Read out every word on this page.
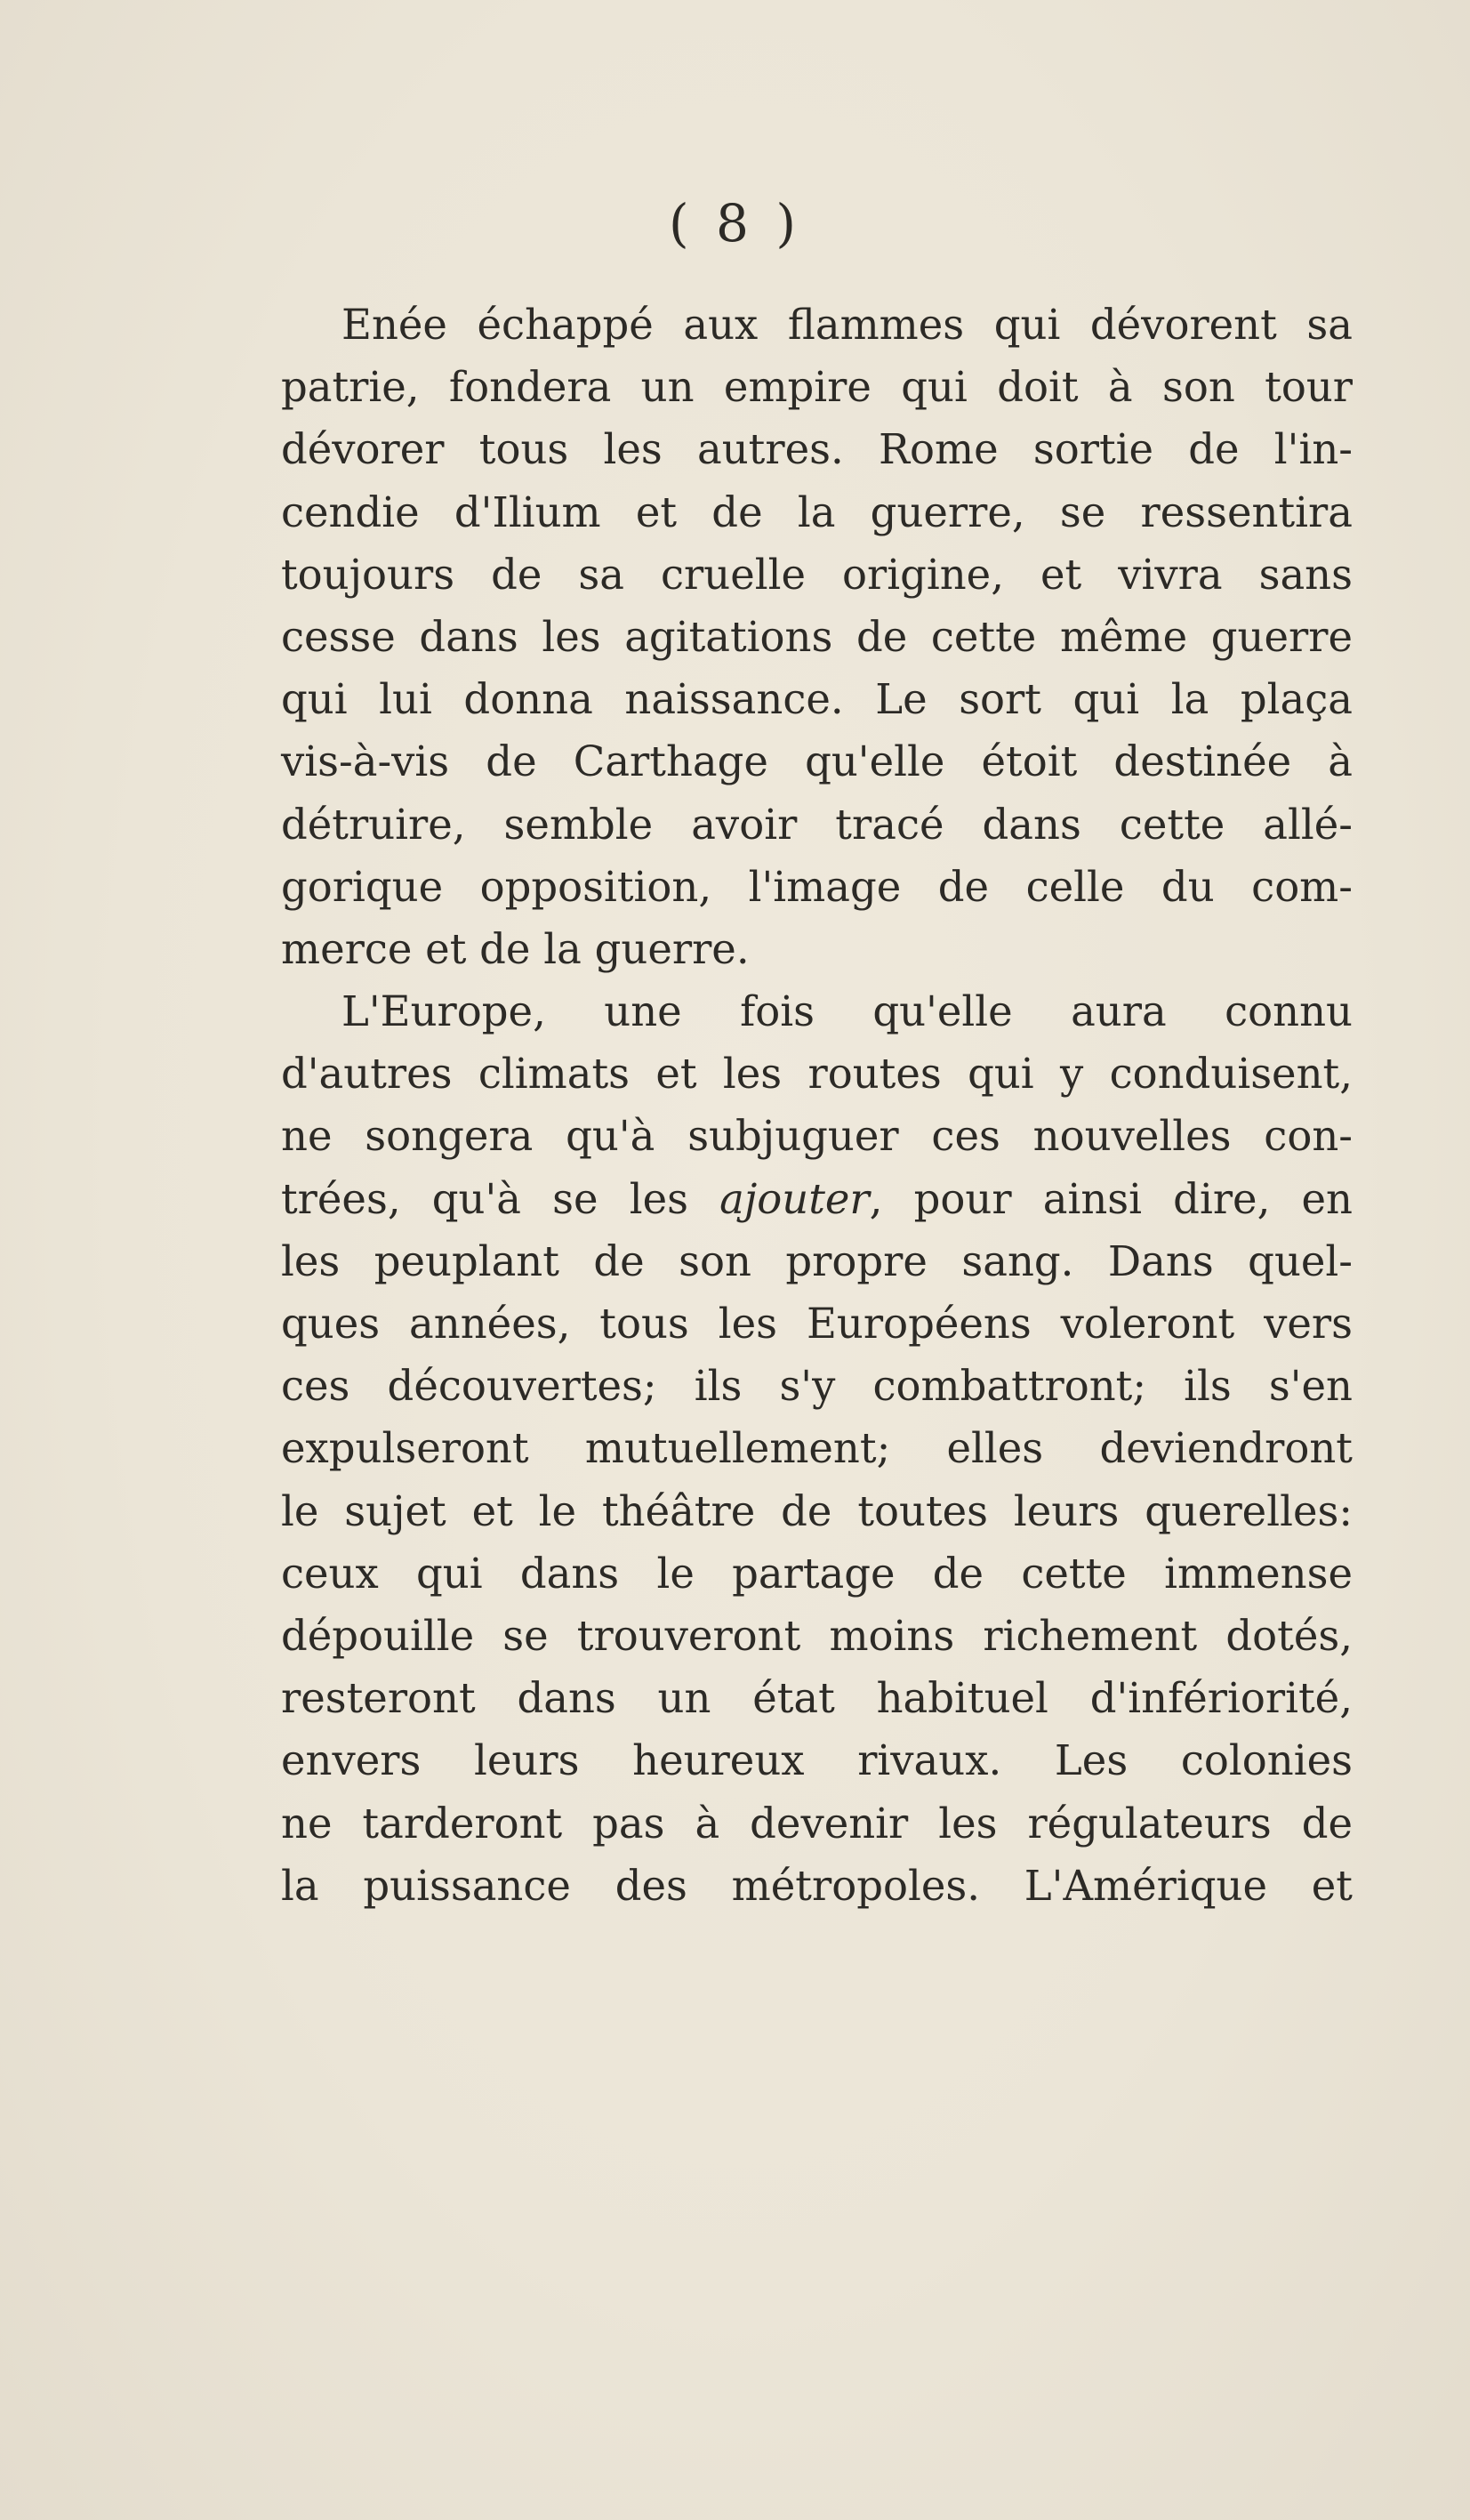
( 8 )
Enée échappé aux flammes qui dévorent sa
patrie, fondera un empire qui doit à son tour
dévorer tous les autres. Rome sortie de l'in-
cendie d'Ilium et de la guerre, se ressentira
toujours de sa cruelle origine, et vivra sans
cesse dans les agitations de cette même guerre
qui lui donna naissance. Le sort qui la plaça
vis-à-vis de Carthage qu'elle étoit destinée à
détruire, semble avoir tracé dans cette allé-
gorique opposition, l'image de celle du com-
merce et de la guerre.
L'Europe, une fois qu'elle aura connu
d'autres climats et les routes qui y conduisent,
ne songera qu'à subjuguer ces nouvelles con-
trées, qu'à se les ajouter, pour ainsi dire, en
les peuplant de son propre sang. Dans quel-
ques années, tous les Européens voleront vers
ces découvertes; ils s'y combattront; ils s'en
expulseront mutuellement; elles deviendront
le sujet et le théâtre de toutes leurs querelles:
ceux qui dans le partage de cette immense
dépouille se trouveront moins richement dotés,
resteront dans un état habituel d'infériorité,
envers leurs heureux rivaux. Les colonies
ne tarderont pas à devenir les régulateurs de
la puissance des métropoles. L'Amérique et
